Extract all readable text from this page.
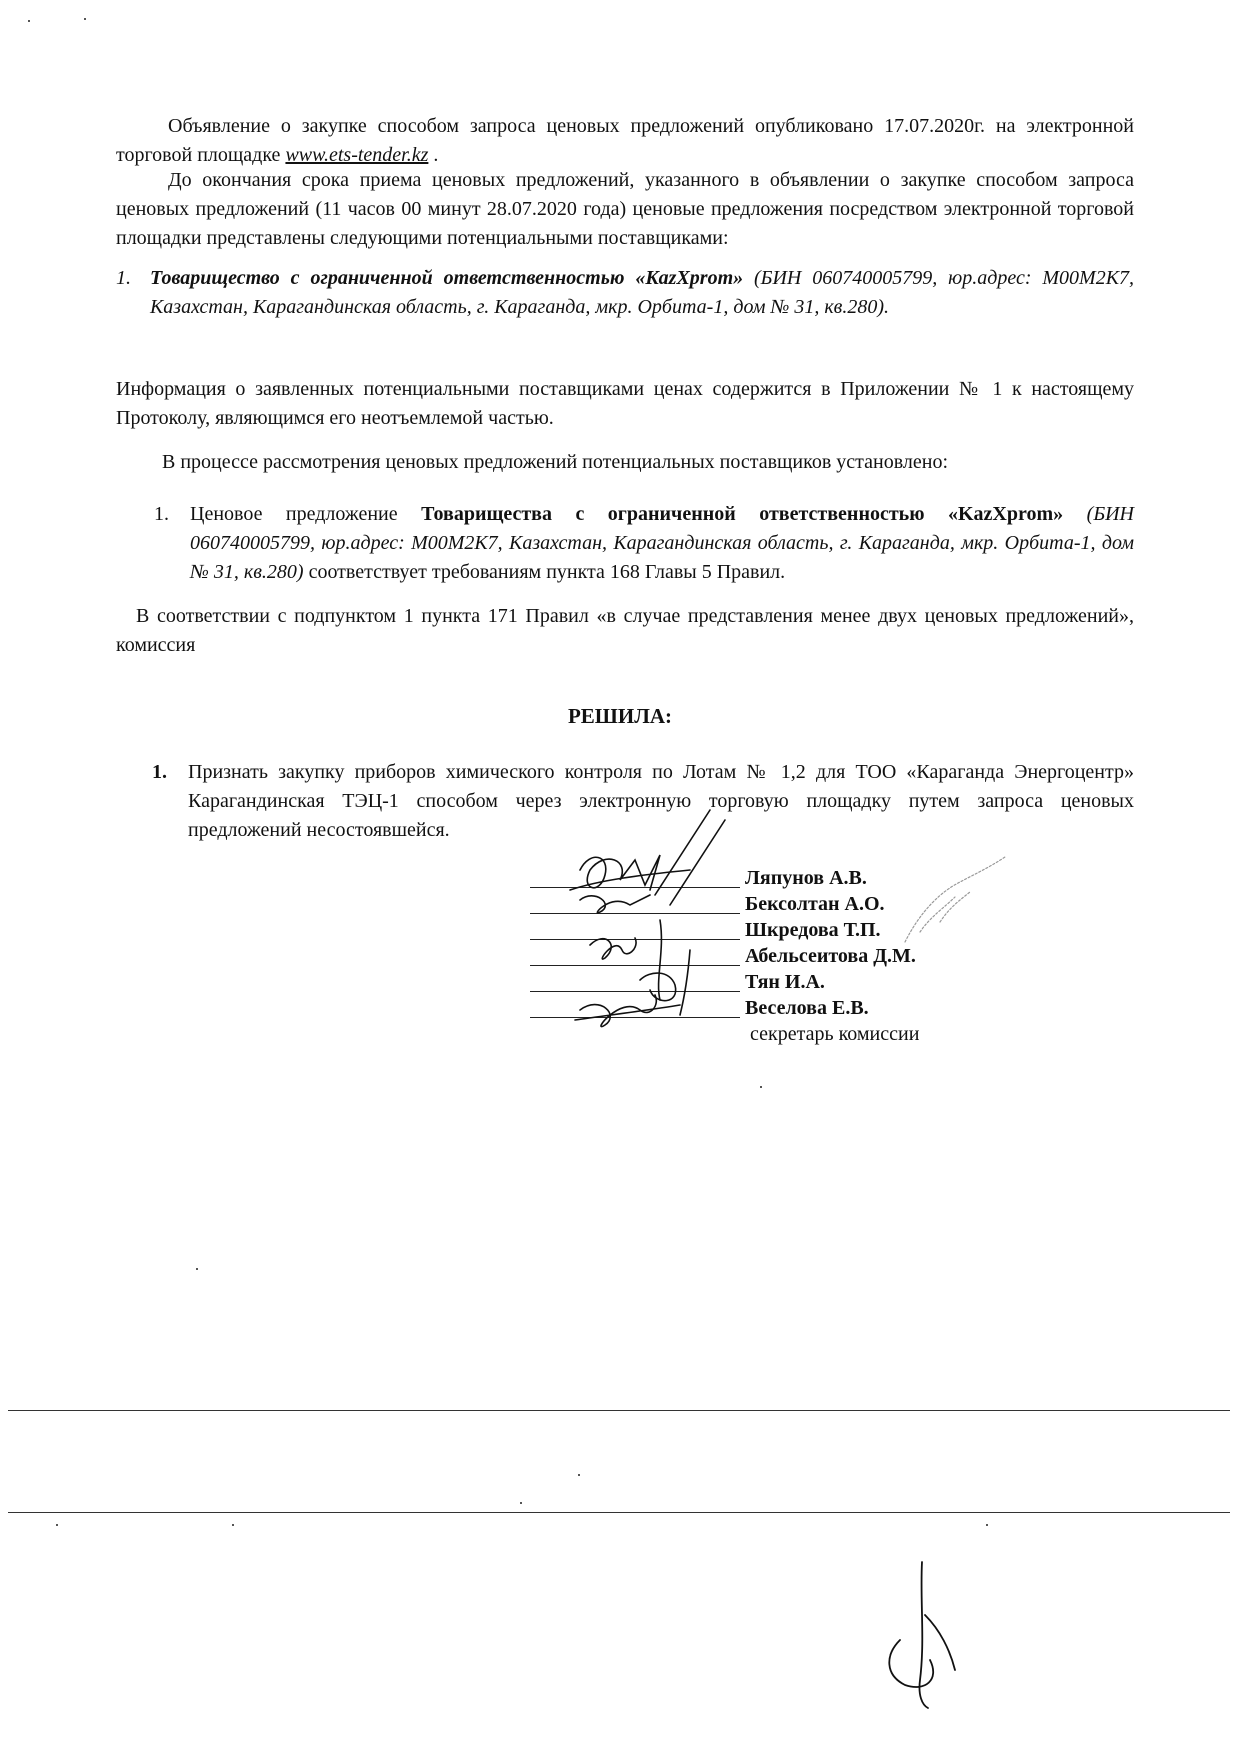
Объявление о закупке способом запроса ценовых предложений опубликовано 17.07.2020г. на электронной торговой площадке www.ets-tender.kz .
До окончания срока приема ценовых предложений, указанного в объявлении о закупке способом запроса ценовых предложений (11 часов 00 минут 28.07.2020 года) ценовые предложения посредством электронной торговой площадки представлены следующими потенциальными поставщиками:
1. Товарищество с ограниченной ответственностью «KazXprom» (БИН 060740005799, юр.адрес: М00М2К7, Казахстан, Карагандинская область, г. Караганда, мкр. Орбита-1, дом № 31, кв.280).
Информация о заявленных потенциальными поставщиками ценах содержится в Приложении № 1 к настоящему Протоколу, являющимся его неотъемлемой частью.
В процессе рассмотрения ценовых предложений потенциальных поставщиков установлено:
1. Ценовое предложение Товарищества с ограниченной ответственностью «KazXprom» (БИН 060740005799, юр.адрес: М00М2К7, Казахстан, Карагандинская область, г. Караганда, мкр. Орбита-1, дом № 31, кв.280) соответствует требованиям пункта 168 Главы 5 Правил.
В соответствии с подпунктом 1 пункта 171 Правил «в случае представления менее двух ценовых предложений», комиссия
РЕШИЛА:
1. Признать закупку приборов химического контроля по Лотам № 1,2 для ТОО «Караганда Энергоцентр» Карагандинская ТЭЦ-1 способом через электронную торговую площадку путем запроса ценовых предложений несостоявшейся.
Ляпунов А.В.
Бексолтан А.О.
Шкредова Т.П.
Абельсеитова Д.М.
Тян И.А.
Веселова Е.В.
секретарь комиссии
